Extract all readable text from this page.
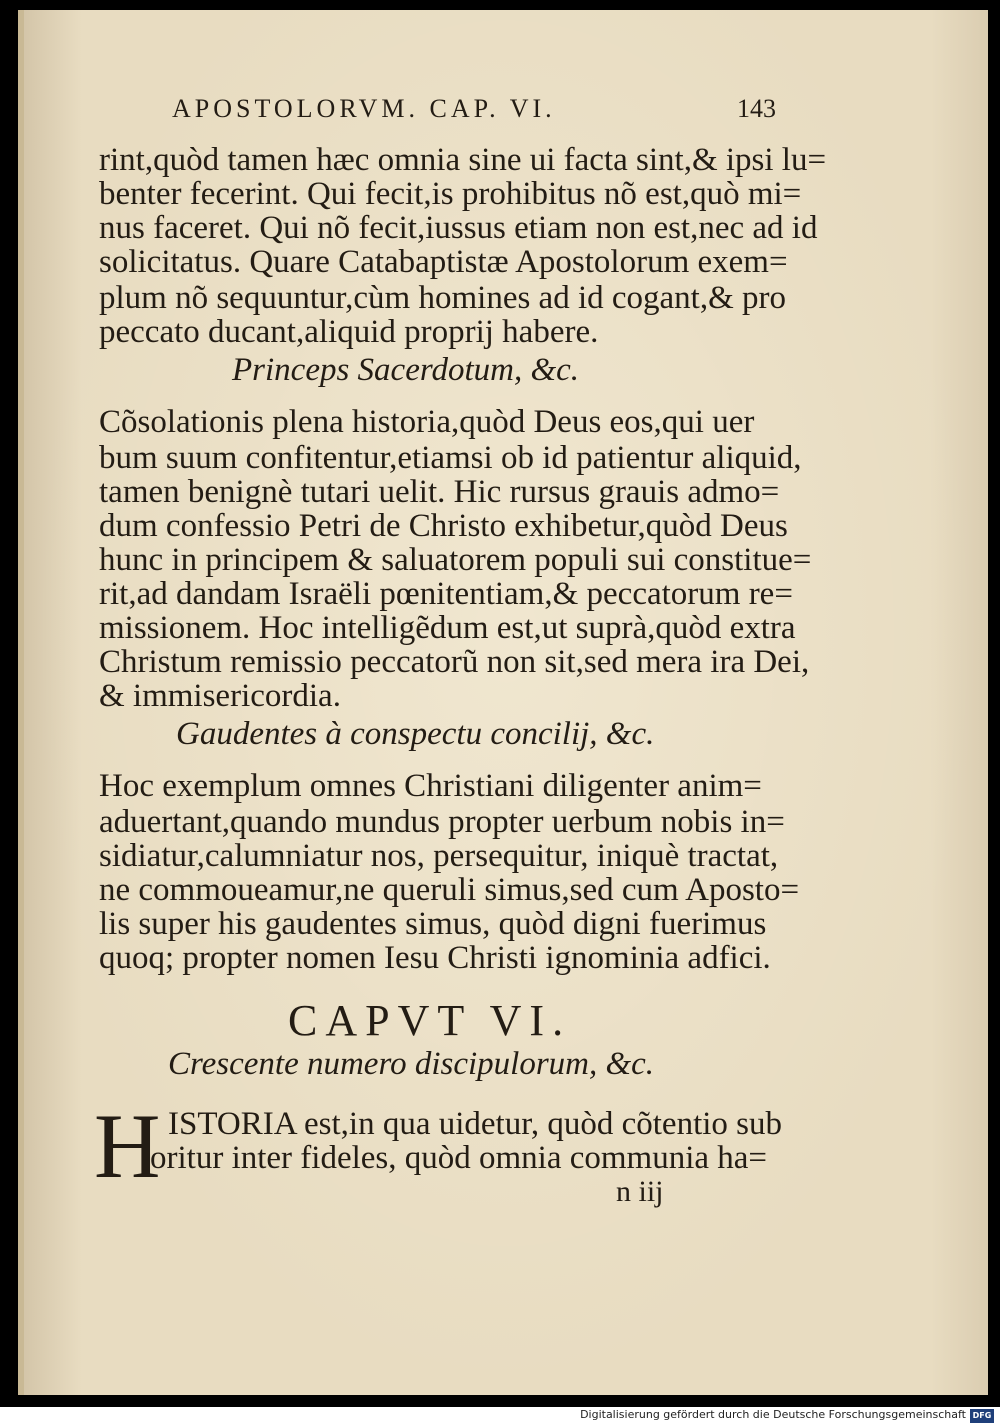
APOSTOLORVM. CAP. VI.	143
rint,quòd tamen hæc omnia sine ui facta sint,& ipsi lu=
benter fecerint. Qui fecit,is prohibitus nõ est,quò mi=
nus faceret. Qui nõ fecit,iussus etiam non est,nec ad id
solicitatus. Quare Catabaptistæ Apostolorum exem=
plum nõ sequuntur,cùm homines ad id cogant,& pro
peccato ducant,aliquid proprij habere.
Princeps Sacerdotum, &c.
Cõsolationis plena historia,quòd Deus eos,qui uer
bum suum confitentur,etiamsi ob id patientur aliquid,
tamen benignè tutari uelit. Hic rursus grauis admo=
dum confessio Petri de Christo exhibetur,quòd Deus
hunc in principem & saluatorem populi sui constitue=
rit,ad dandam Israëli pœnitentiam,& peccatorum re=
missionem. Hoc intelligẽdum est,ut suprà,quòd extra
Christum remissio peccatorũ non sit,sed mera ira Dei,
& immisericordia.
Gaudentes à conspectu concilij, &c.
Hoc exemplum omnes Christiani diligenter anim=
aduertant,quando mundus propter uerbum nobis in=
sidiatur,calumniatur nos, persequitur, iniquè tractat,
ne commoueamur,ne queruli simus,sed cum Aposto=
lis super his gaudentes simus, quòd digni fuerimus
quoq; propter nomen Iesu Christi ignominia adfici.
CAPVT VI.
Crescente numero discipulorum, &c.
H ISTORIA est,in qua uidetur, quòd cõtentio sub
oritur inter fideles, quòd omnia communia ha=
n iij
Digitalisierung gefördert durch die Deutsche Forschungsgemeinschaft DFG
